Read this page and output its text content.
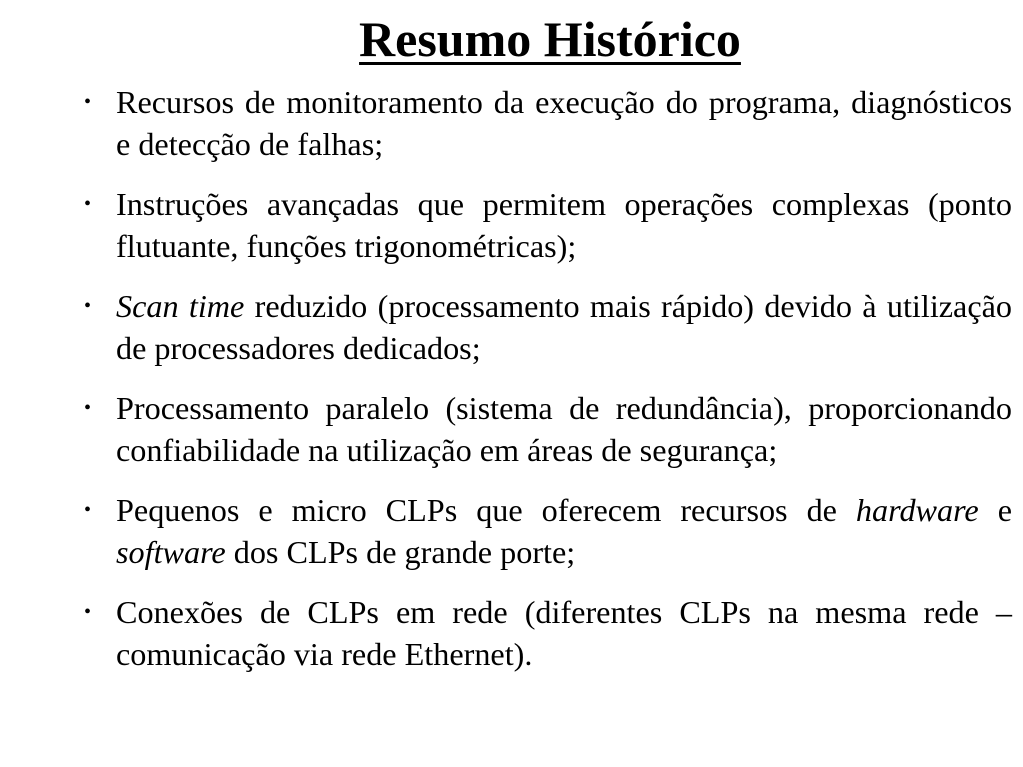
Resumo Histórico
• Recursos de monitoramento da execução do programa, diagnósticos e detecção de falhas;
• Instruções avançadas que permitem operações complexas (ponto flutuante, funções trigonométricas);
• Scan time reduzido (processamento mais rápido) devido à utilização de processadores dedicados;
• Processamento paralelo (sistema de redundância), proporcionando confiabilidade na utilização em áreas de segurança;
• Pequenos e micro CLPs que oferecem recursos de hardware e software dos CLPs de grande porte;
• Conexões de CLPs em rede (diferentes CLPs na mesma rede – comunicação via rede Ethernet).
